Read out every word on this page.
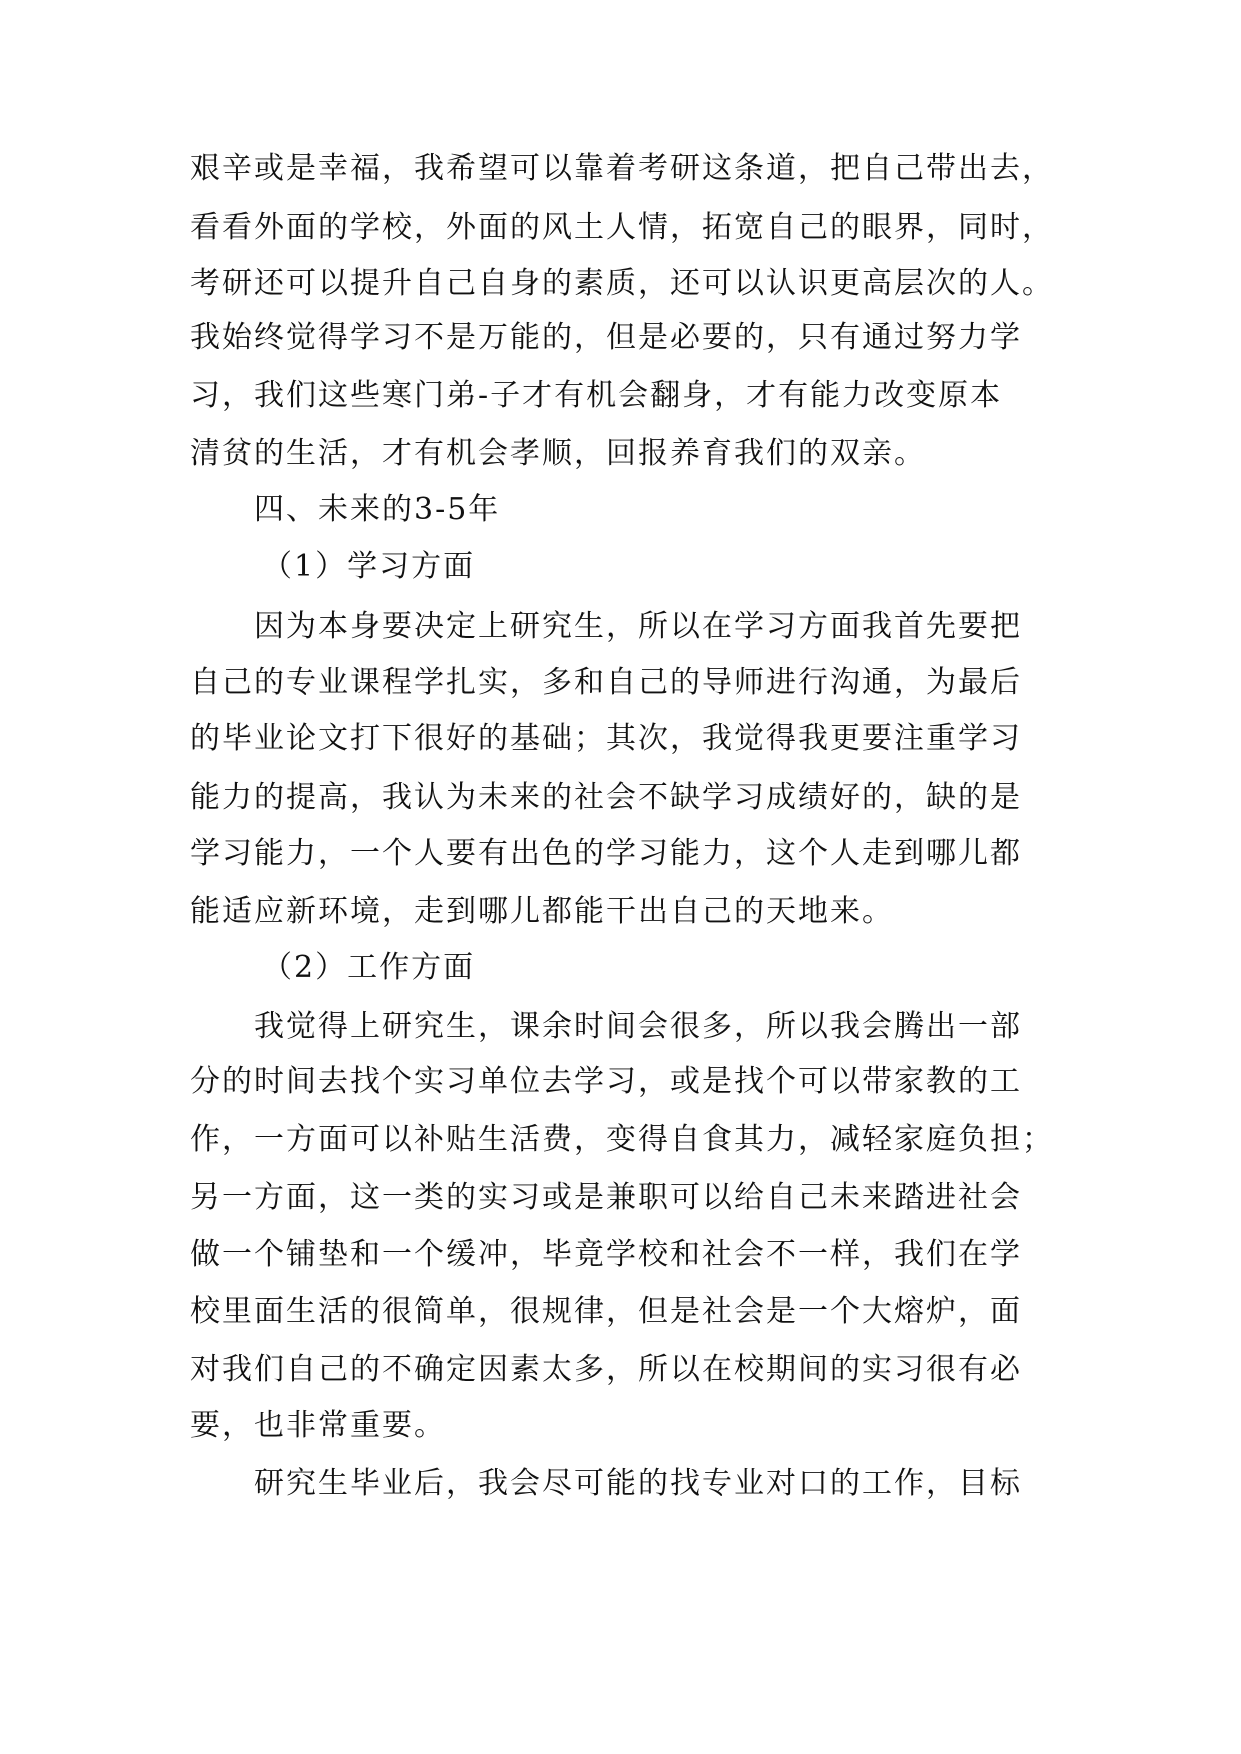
艰辛或是幸福，我希望可以靠着考研这条道，把自己带出去，
看看外面的学校，外面的风土人情，拓宽自己的眼界，同时，
考研还可以提升自己自身的素质，还可以认识更高层次的人。
我始终觉得学习不是万能的，但是必要的，只有通过努力学
习，我们这些寒门弟-子才有机会翻身，才有能力改变原本
清贫的生活，才有机会孝顺，回报养育我们的双亲。
四、未来的3-5年
（1）学习方面
因为本身要决定上研究生，所以在学习方面我首先要把
自己的专业课程学扎实，多和自己的导师进行沟通，为最后
的毕业论文打下很好的基础；其次，我觉得我更要注重学习
能力的提高，我认为未来的社会不缺学习成绩好的，缺的是
学习能力，一个人要有出色的学习能力，这个人走到哪儿都
能适应新环境，走到哪儿都能干出自己的天地来。
（2）工作方面
我觉得上研究生，课余时间会很多，所以我会腾出一部
分的时间去找个实习单位去学习，或是找个可以带家教的工
作，一方面可以补贴生活费，变得自食其力，减轻家庭负担；
另一方面，这一类的实习或是兼职可以给自己未来踏进社会
做一个铺垫和一个缓冲，毕竟学校和社会不一样，我们在学
校里面生活的很简单，很规律，但是社会是一个大熔炉，面
对我们自己的不确定因素太多，所以在校期间的实习很有必
要，也非常重要。
研究生毕业后，我会尽可能的找专业对口的工作，目标
